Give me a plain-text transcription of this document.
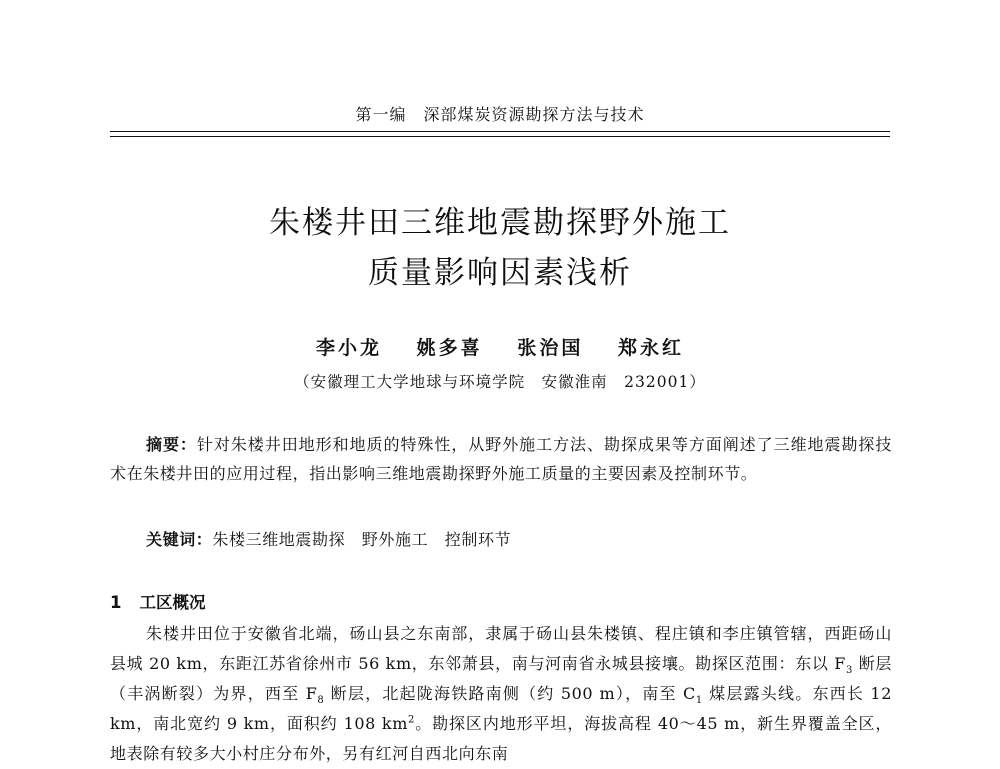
第一编　深部煤炭资源勘探方法与技术
朱楼井田三维地震勘探野外施工
质量影响因素浅析
李小龙 姚多喜 张治国 郑永红
（安徽理工大学地球与环境学院　安徽淮南　232001）
摘要：针对朱楼井田地形和地质的特殊性，从野外施工方法、勘探成果等方面阐述了三维地震勘探技术在朱楼井田的应用过程，指出影响三维地震勘探野外施工质量的主要因素及控制环节。
关键词：朱楼三维地震勘探　野外施工　控制环节
1 工区概况
朱楼井田位于安徽省北端，砀山县之东南部，隶属于砀山县朱楼镇、程庄镇和李庄镇管辖，西距砀山县城 20 km，东距江苏省徐州市 56 km，东邻萧县，南与河南省永城县接壤。勘探区范围：东以 $F_3$ 断层（丰涡断裂）为界，西至 $F_8$ 断层，北起陇海铁路南侧（约 500 m），南至 $C_1$ 煤层露头线。东西长 12 km，南北宽约 9 km，面积约 108 $km^2$。勘探区内地形平坦，海拔高程 40～45 m，新生界覆盖全区，地表除有较多大小村庄分布外，另有红河自西北向东南
